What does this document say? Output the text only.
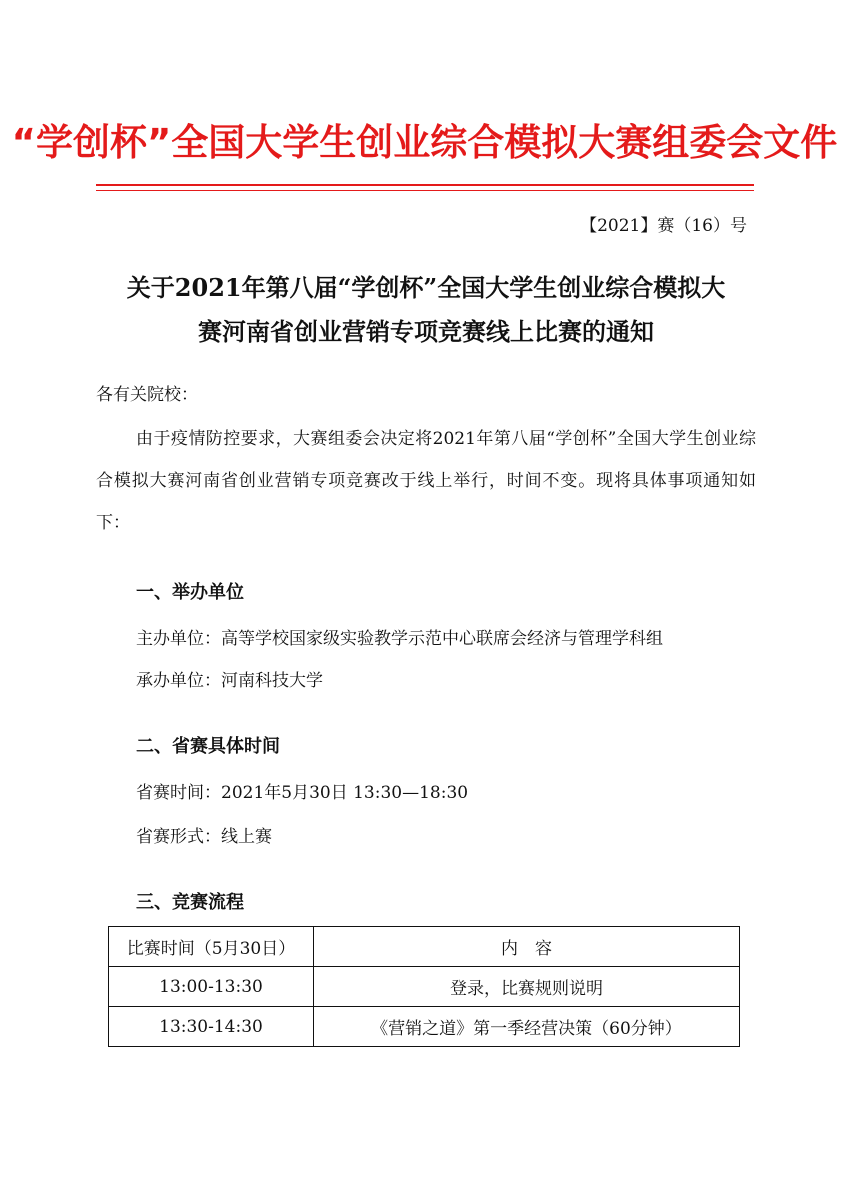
“学创杯”全国大学生创业综合模拟大赛组委会文件
【2021】赛（16）号
关于2021年第八届“学创杯”全国大学生创业综合模拟大
赛河南省创业营销专项竞赛线上比赛的通知
各有关院校：
由于疫情防控要求，大赛组委会决定将2021年第八届“学创杯”全国大学生创业综合模拟大赛河南省创业营销专项竞赛改于线上举行，时间不变。现将具体事项通知如下：
一、举办单位
主办单位：高等学校国家级实验教学示范中心联席会经济与管理学科组
承办单位：河南科技大学
二、省赛具体时间
省赛时间：2021年5月30日 13:30—18:30
省赛形式：线上赛
三、竞赛流程
比赛时间（5月30日）	内　容
13:00-13:30	登录，比赛规则说明
13:30-14:30	《营销之道》第一季经营决策（60分钟）
